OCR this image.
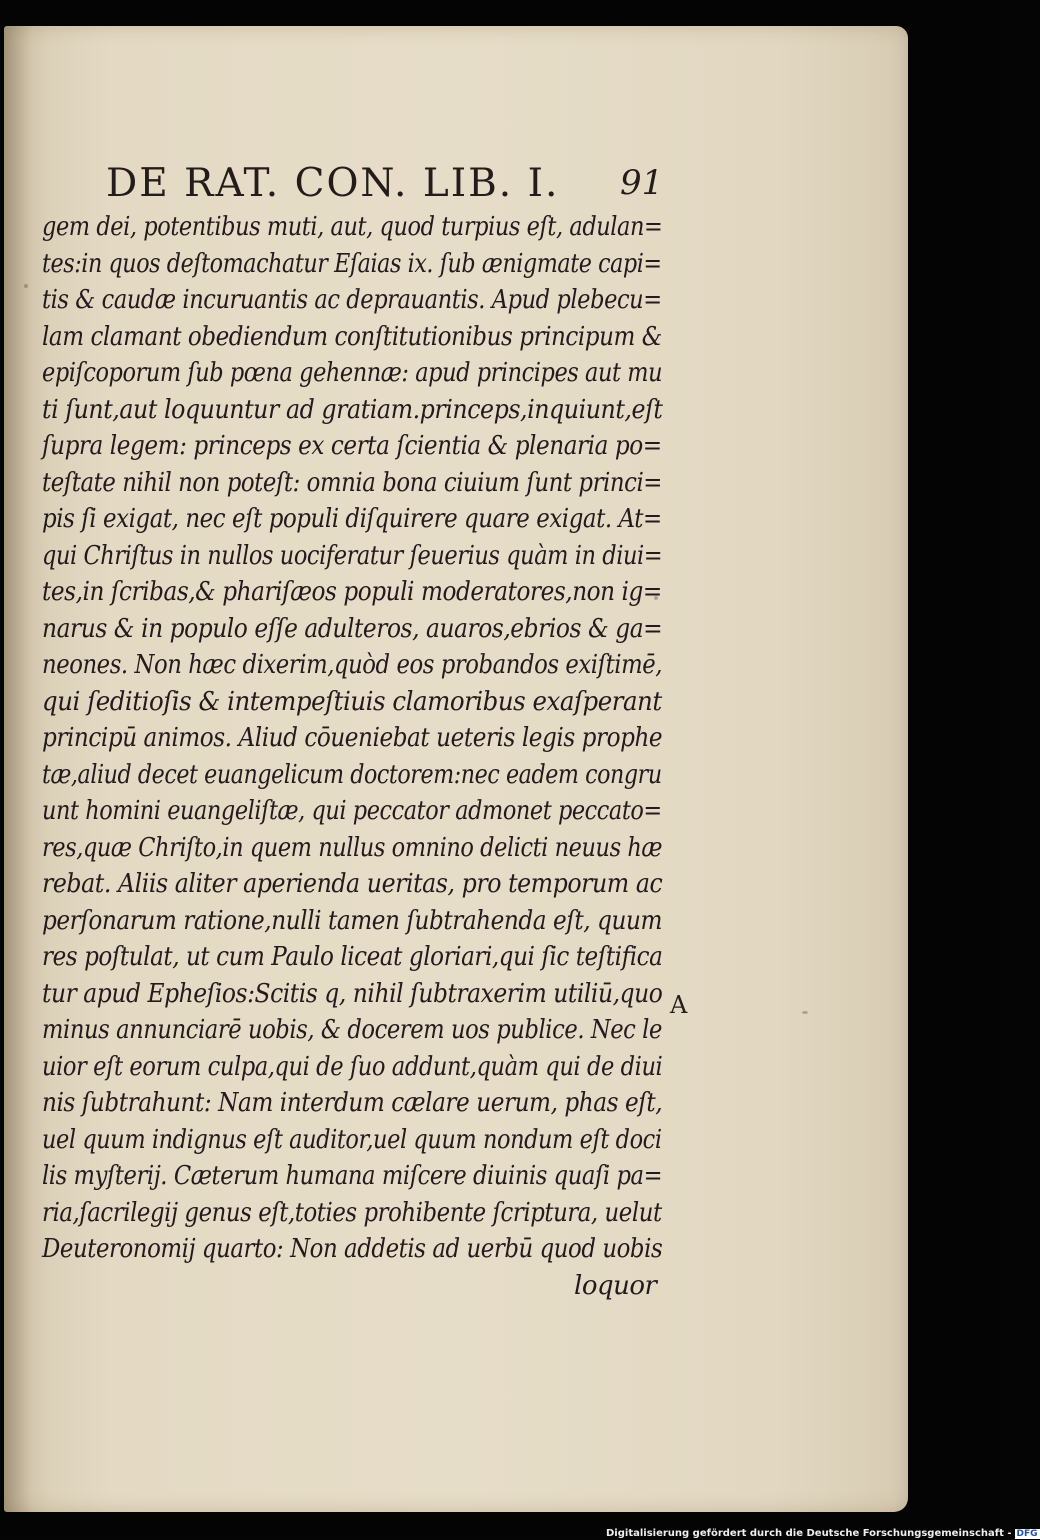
DE RAT. CON. LIB. I. 91
gem dei, potentibus muti, aut, quod turpius eſt, adulan=
tes:in quos deſtomachatur Eſaias ix. ſub ænigmate capi=
tis & caudæ incuruantis ac deprauantis. Apud plebecu=
lam clamant obediendum conſtitutionibus principum &
epiſcoporum ſub pœna gehennæ: apud principes aut mu
ti ſunt,aut loquuntur ad gratiam.princeps,inquiunt,eſt
ſupra legem: princeps ex certa ſcientia & plenaria po=
teſtate nihil non poteſt: omnia bona ciuium ſunt princi=
pis ſi exigat, nec eſt populi diſquirere quare exigat. At=
qui Chriſtus in nullos uociferatur ſeuerius quàm in diui=
tes,in ſcribas,& phariſæos populi moderatores,non ig=
narus & in populo eſſe adulteros, auaros,ebrios & ga=
neones. Non hæc dixerim,quòd eos probandos exiſtimē,
qui ſeditioſis & intempeſtiuis clamoribus exaſperant
principū animos. Aliud cōueniebat ueteris legis prophe
tæ,aliud decet euangelicum doctorem:nec eadem congru
unt homini euangeliſtæ, qui peccator admonet peccato=
res,quæ Chriſto,in quem nullus omnino delicti neuus hæ
rebat. Aliis aliter aperienda ueritas, pro temporum ac
perſonarum ratione,nulli tamen ſubtrahenda eſt, quum
res poſtulat, ut cum Paulo liceat gloriari,qui ſic teſtifica
tur apud Epheſios:Scitis q, nihil ſubtraxerim utiliū,quo
minus annunciarē uobis, & docerem uos publice. Nec le
uior eſt eorum culpa,qui de ſuo addunt,quàm qui de diui
nis ſubtrahunt: Nam interdum cælare uerum, phas eſt,
uel quum indignus eſt auditor,uel quum nondum eſt doci
lis myſterij. Cæterum humana miſcere diuinis quaſi pa=
ria,ſacrilegij genus eſt,toties prohibente ſcriptura, uelut
Deuteronomij quarto: Non addetis ad uerbū quod uobis
loquor
A
Digitalisierung gefördert durch die Deutsche Forschungsgemeinschaft - DFG
